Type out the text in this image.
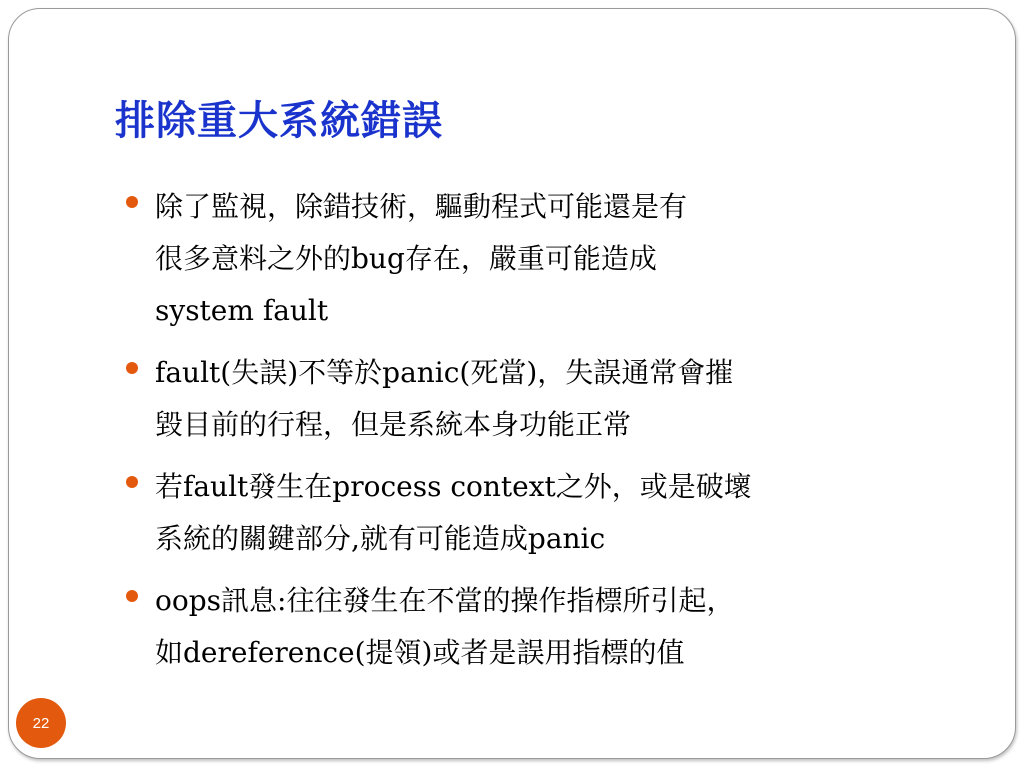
排除重大系統錯誤
除了監視，除錯技術，驅動程式可能還是有
很多意料之外的bug存在，嚴重可能造成
system fault
fault(失誤)不等於panic(死當)，失誤通常會摧
毀目前的行程，但是系統本身功能正常
若fault發生在process context之外，或是破壞
系統的關鍵部分,就有可能造成panic
oops訊息:往往發生在不當的操作指標所引起，
如dereference(提領)或者是誤用指標的值
22
